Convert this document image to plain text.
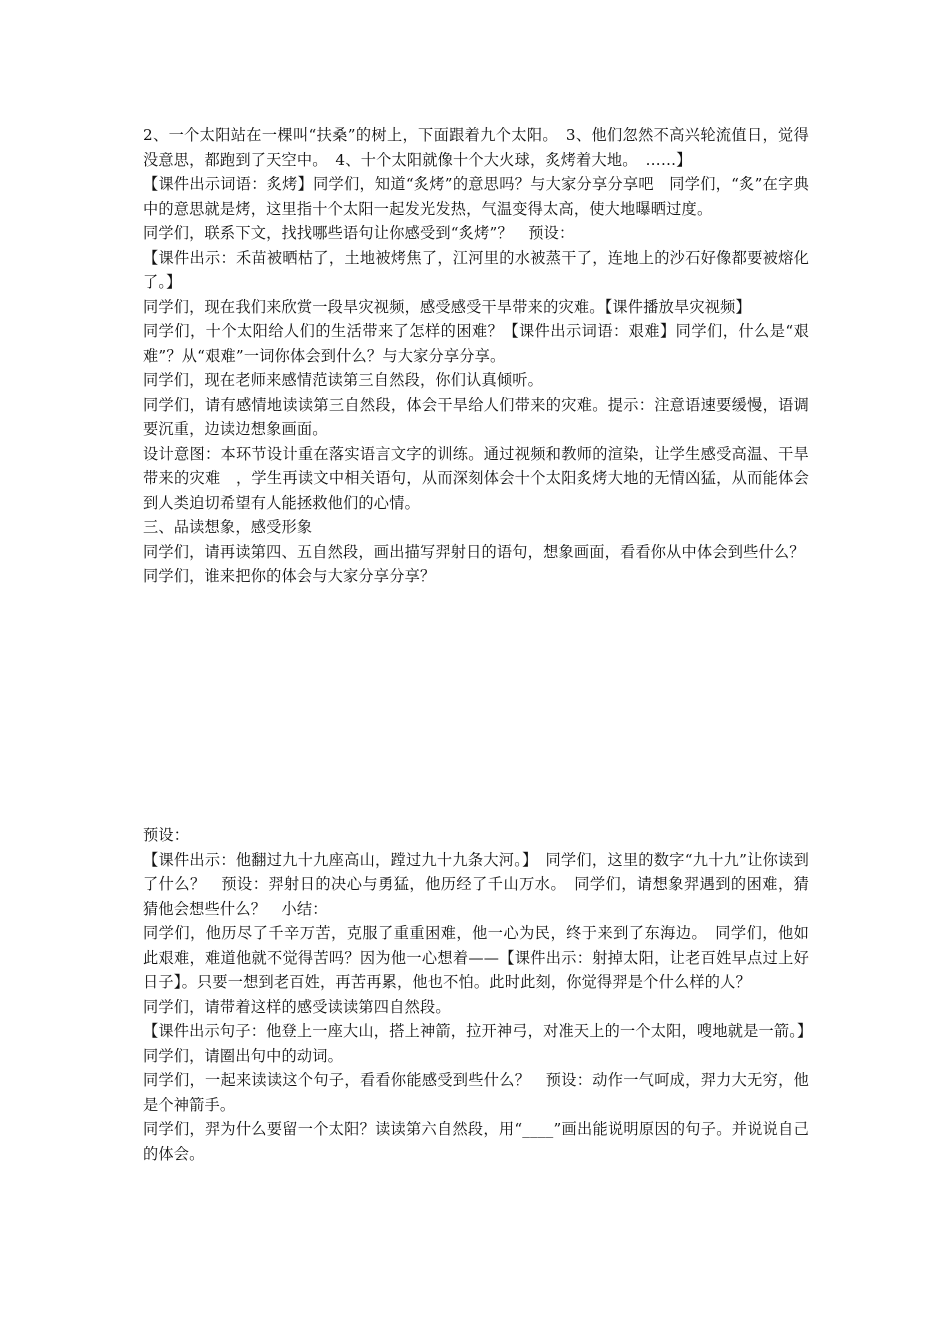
2、一个太阳站在一棵叫“扶桑”的树上，下面跟着九个太阳。　3、他们忽然不高兴轮流值日，觉得没意思，都跑到了天空中。　4、十个太阳就像十个大火球，炙烤着大地。　……】

【课件出示词语：炙烤】同学们，知道“炙烤”的意思吗？与大家分享分享吧　同学们，“炙”在字典中的意思就是烤，这里指十个太阳一起发光发热，气温变得太高，使大地曝晒过度。

同学们，联系下文，找找哪些语句让你感受到“炙烤”？　预设：

【课件出示：禾苗被晒枯了，土地被烤焦了，江河里的水被蒸干了，连地上的沙石好像都要被熔化了。】

同学们，现在我们来欣赏一段旱灾视频，感受感受干旱带来的灾难。【课件播放旱灾视频】

同学们，十个太阳给人们的生活带来了怎样的困难？【课件出示词语：艰难】同学们，什么是“艰难”？从“艰难”一词你体会到什么？与大家分享分享。

同学们，现在老师来感情范读第三自然段，你们认真倾听。

同学们，请有感情地读读第三自然段，体会干旱给人们带来的灾难。提示：注意语速要缓慢，语调要沉重，边读边想象画面。

设计意图：本环节设计重在落实语言文字的训练。通过视频和教师的渲染，让学生感受高温、干旱带来的灾难　，学生再读文中相关语句，从而深刻体会十个太阳炙烤大地的无情凶猛，从而能体会到人类迫切希望有人能拯救他们的心情。

三、品读想象，感受形象

同学们，请再读第四、五自然段，画出描写羿射日的语句，想象画面，看看你从中体会到些什么？

同学们，谁来把你的体会与大家分享分享？

预设：

【课件出示：他翻过九十九座高山，蹚过九十九条大河。】　同学们，这里的数字“九十九”让你读到了什么？　预设：羿射日的决心与勇猛，他历经了千山万水。　同学们，请想象羿遇到的困难，猜猜他会想些什么？　小结：

同学们，他历尽了千辛万苦，克服了重重困难，他一心为民，终于来到了东海边。　同学们，他如此艰难，难道他就不觉得苦吗？因为他一心想着——【课件出示：射掉太阳，让老百姓早点过上好日子】。只要一想到老百姓，再苦再累，他也不怕。此时此刻，你觉得羿是个什么样的人？

同学们，请带着这样的感受读读第四自然段。

【课件出示句子：他登上一座大山，搭上神箭，拉开神弓，对准天上的一个太阳，嗖地就是一箭。】

同学们，请圈出句中的动词。

同学们，一起来读读这个句子，看看你能感受到些什么？　预设：动作一气呵成，羿力大无穷，他是个神箭手。

同学们，羿为什么要留一个太阳？读读第六自然段，用“____”画出能说明原因的句子。并说说自己的体会。
